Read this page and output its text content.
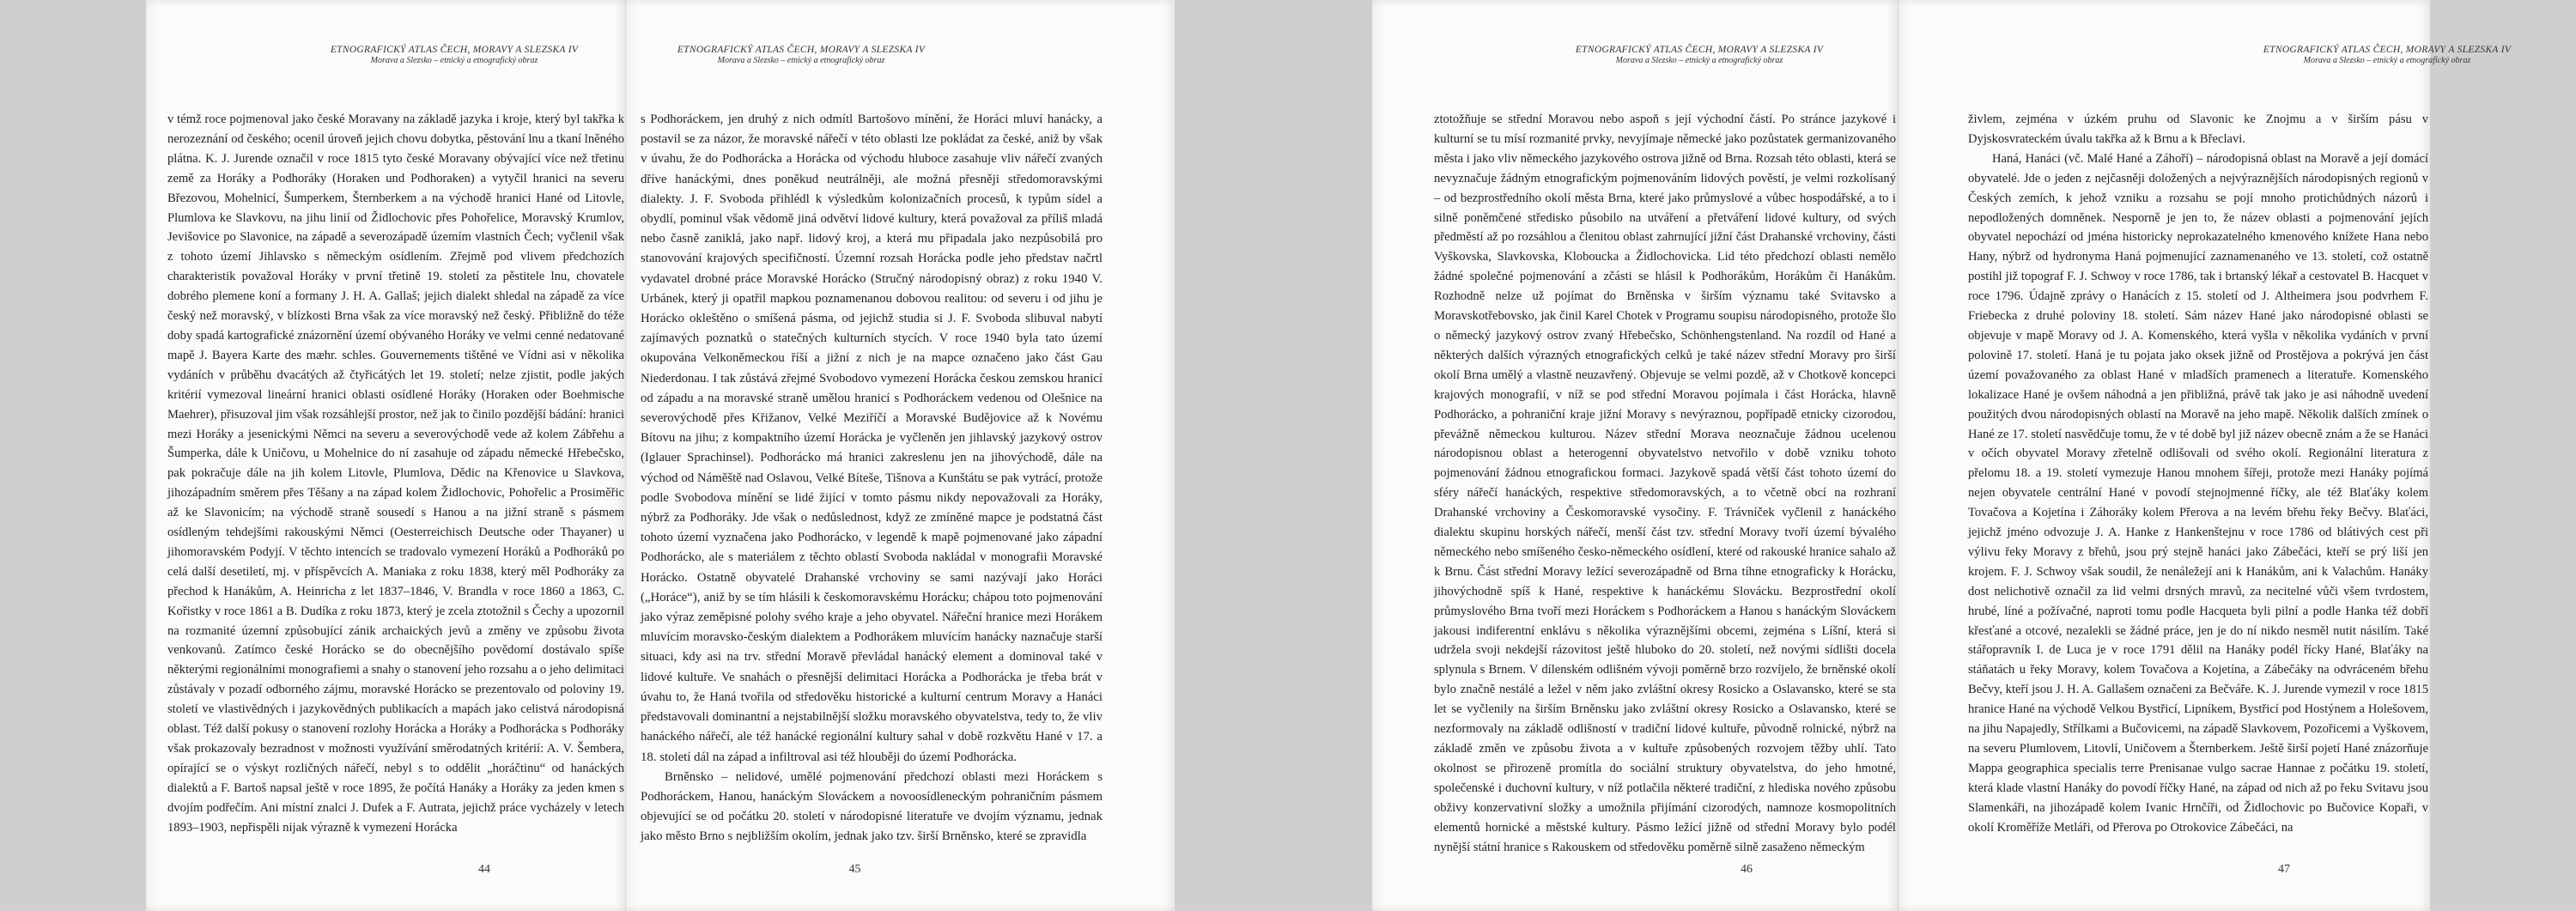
ETNOGRAFICKÝ ATLAS ČECH, MORAVY A SLEZSKA IV
Morava a Slezsko – etnický a etnografický obraz

v témž roce pojmenoval jako české Moravany na základě jazyka i kroje, který byl takřka k nerozeznání od českého; ocenil úroveň jejich chovu dobytka, pěstování lnu a tkaní lněného plátna. K. J. Jurende označil v roce 1815 tyto české Moravany obývající více než třetinu země za Horáky a Podhoráky (Horaken und Podhoraken) a vytyčil hranici na severu Březovou, Mohelnicí, Šumperkem, Šternberkem a na východě hranici Hané od Litovle, Plumlova ke Slavkovu, na jihu linií od Židlochovic přes Pohořelice, Moravský Krumlov, Jevišovice po Slavonice, na západě a severozápadě územím vlastních Čech; vyčlenil však z tohoto území Jihlavsko s německým osídlením. Zřejmě pod vlivem předchozích charakteristik považoval Horáky v první třetině 19. století za pěstitele lnu, chovatele dobrého plemene koní a formany J. H. A. Gallaš; jejich dialekt shledal na západě za více český než moravský, v blízkosti Brna však za více moravský než český. Přibližně do téže doby spadá kartografické znázornění území obývaného Horáky ve velmi cenné nedatované mapě J. Bayera Karte des mæhr. schles. Gouvernements tištěné ve Vídni asi v několika vydáních v průběhu dvacátých až čtyřicátých let 19. století; nelze zjistit, podle jakých kritérií vymezoval lineární hranici oblasti osídlené Horáky (Horaken oder Boehmische Maehrer), přisuzoval jim však rozsáhlejší prostor, než jak to činilo pozdější bádání: hranici mezi Horáky a jesenickými Němci na severu a severovýchodě vede až kolem Zábřehu a Šumperka, dále k Uničovu, u Mohelnice do ní zasahuje od západu německé Hřebečsko, pak pokračuje dále na jih kolem Litovle, Plumlova, Dědic na Křenovice u Slavkova, jihozápadním směrem přes Těšany a na západ kolem Židlochovic, Pohořelic a Prosiměřic až ke Slavonicím; na východě straně sousedí s Hanou a na jižní straně s pásmem osídleným tehdejšími rakouskými Němci (Oesterreichisch Deutsche oder Thayaner) u jihomoravském Podyjí. V těchto intencích se tradovalo vymezení Horáků a Podhoráků po celá další desetiletí, mj. v příspěvcích A. Maniaka z roku 1838, který měl Podhoráky za přechod k Hanákům, A. Heinricha z let 1837–1846, V. Brandla v roce 1860 a 1863, C. Kořistky v roce 1861 a B. Dudíka z roku 1873, který je zcela ztotožnil s Čechy a upozornil na rozmanité územní způsobující zánik archaických jevů a změny ve způsobu života venkovanů. Zatímco české Horácko se do obecnějšího povědomí dostávalo spíše některými regionálními monografiemi a snahy o stanovení jeho rozsahu a o jeho delimitaci zůstávaly v pozadí odborného zájmu, moravské Horácko se prezentovalo od poloviny 19. století ve vlastivědných i jazykovědných publikacích a mapách jako celistvá národopisná oblast. Též další pokusy o stanovení rozlohy Horácka a Horáky a Podhorácka s Podhoráky však prokazovaly bezradnost v možnosti využívání směrodatných kritérií: A. V. Šembera, opírající se o výskyt rozličných nářečí, nebyl s to oddělit „horáčtinu“ od hanáckých dialektů a F. Bartoš napsal ještě v roce 1895, že počítá Hanáky a Horáky za jeden kmen s dvojím podřečím. Ani místní znalci J. Dufek a F. Autrata, jejichž práce vycházely v letech 1893–1903, nepřispěli nijak výrazně k vymezení Horácka

44
ETNOGRAFICKÝ ATLAS ČECH, MORAVY A SLEZSKA IV
Morava a Slezsko – etnický a etnografický obraz

s Podhoráckem, jen druhý z nich odmítl Bartošovo mínění, že Horáci mluví hanácky, a postavil se za názor, že moravské nářečí v této oblasti lze pokládat za české, aniž by však v úvahu, že do Podhorácka a Horácka od východu hluboce zasahuje vliv nářečí zvaných dříve hanáckými, dnes poněkud neutrálněji, ale možná přesněji středomoravskými dialekty. J. F. Svoboda přihlédl k výsledkům kolonizačních procesů, k typům sídel a obydlí, pominul však vědomě jiná odvětví lidové kultury, která považoval za příliš mladá nebo časně zaniklá, jako např. lidový kroj, a která mu připadala jako nezpůsobilá pro stanovování krajových specifičností. Územní rozsah Horácka podle jeho představ načrtl vydavatel drobné práce Moravské Horácko (Stručný národopisný obraz) z roku 1940 V. Urbánek, který ji opatřil mapkou poznamenanou dobovou realitou: od severu i od jihu je Horácko okleštěno o smíšená pásma, od jejichž studia si J. F. Svoboda slibuval nabytí zajímavých poznatků o statečných kulturních stycích. V roce 1940 byla tato území okupována Velkoněmeckou říší a jižní z nich je na mapce označeno jako část Gau Niederdonau. I tak zůstává zřejmé Svobodovo vymezení Horácka českou zemskou hranicí od západu a na moravské straně umělou hranicí s Podhoráckem vedenou od Olešnice na severovýchodě přes Křižanov, Velké Meziříčí a Moravské Budějovice až k Novému Bítovu na jihu; z kompaktního území Horácka je vyčleněn jen jihlavský jazykový ostrov (Iglauer Sprachinsel). Podhorácko má hranici zakreslenu jen na jihovýchodě, dále na východ od Náměště nad Oslavou, Velké Bíteše, Tišnova a Kunštátu se pak vytrácí, protože podle Svobodova mínění se lidé žijící v tomto pásmu nikdy nepovažovali za Horáky, nýbrž za Podhoráky. Jde však o nedůslednost, když ze zmíněné mapce je podstatná část tohoto území vyznačena jako Podhorácko, v legendě k mapě pojmenované jako západní Podhorácko, ale s materiálem z těchto oblastí Svoboda nakládal v monografii Moravské Horácko. Ostatně obyvatelé Drahanské vrchoviny se sami nazývají jako Horáci („Horáce“), aniž by se tím hlásili k českomoravskému Horácku; chápou toto pojmenování jako výraz zeměpisné polohy svého kraje a jeho obyvatel. Nářeční hranice mezi Horákem mluvícím moravsko-českým dialektem a Podhorákem mluvícím hanácky naznačuje starší situaci, kdy asi na trv. střední Moravě převládal hanácký element a dominoval také v lidové kultuře. Ve snahách o přesnější delimitaci Horácka a Podhorácka je třeba brát v úvahu to, že Haná tvořila od středověku historické a kulturní centrum Moravy a Hanáci představovali dominantní a nejstabilnější složku moravského obyvatelstva, tedy to, že vliv hanáckého nářečí, ale též hanácké regionální kultury sahal v době rozkvětu Hané v 17. a 18. století dál na západ a infiltroval asi též hlouběji do území Podhorácka.

Brněnsko – nelidové, umělé pojmenování předchozí oblasti mezi Horáckem s Podhoráckem, Hanou, hanáckým Slováckem a novoosídleneckým pohraničním pásmem objevující se od počátku 20. století v národopisné literatuře ve dvojím významu, jednak jako město Brno s nejbližším okolím, jednak jako tzv. širší Brněnsko, které se zpravidla

45
ETNOGRAFICKÝ ATLAS ČECH, MORAVY A SLEZSKA IV
Morava a Slezsko – etnický a etnografický obraz

ztotožňuje se střední Moravou nebo aspoň s její východní částí. Po stránce jazykové i kulturní se tu mísí rozmanité prvky, nevyjímaje německé jako pozůstatek germanizovaného města i jako vliv německého jazykového ostrova jižně od Brna. Rozsah této oblasti, která se nevyznačuje žádným etnografickým pojmenováním lidových pověstí, je velmi rozkolísaný – od bezprostředního okolí města Brna, které jako průmyslové a vůbec hospodářské, a to i silně poněmčené středisko působilo na utváření a přetváření lidové kultury, od svých předměstí až po rozsáhlou a členitou oblast zahrnující jižní část Drahanské vrchoviny, části Vyškovska, Slavkovska, Kloboucka a Židlochovicka. Lid této předchozí oblasti nemělo žádné společné pojmenování a zčásti se hlásil k Podhorákům, Horákům či Hanákům. Rozhodně nelze už pojímat do Brněnska v širším významu také Svitavsko a Moravskotřebovsko, jak činil Karel Chotek v Programu soupisu národopisného, protože šlo o německý jazykový ostrov zvaný Hřebečsko, Schönhengstenland. Na rozdíl od Hané a některých dalších výrazných etnografických celků je také název střední Moravy pro širší okolí Brna umělý a vlastně neuzavřený. Objevuje se velmi pozdě, až v Chotkově koncepci krajových monografií, v níž se pod střední Moravou pojímala i část Horácka, hlavně Podhorácko, a pohraniční kraje jižní Moravy s nevýraznou, popřípadě etnicky cizorodou, převážně německou kulturou. Název střední Morava neoznačuje žádnou ucelenou národopisnou oblast a heterogenní obyvatelstvo netvořilo v době vzniku tohoto pojmenování žádnou etnografickou formaci. Jazykově spadá větší část tohoto území do sféry nářečí hanáckých, respektive středomoravských, a to včetně obcí na rozhraní Drahanské vrchoviny a Českomoravské vysočiny. F. Trávníček vyčlenil z hanáckého dialektu skupinu horských nářečí, menší část tzv. střední Moravy tvoří území bývalého německého nebo smíšeného česko-německého osídlení, které od rakouské hranice sahalo až k Brnu. Část střední Moravy ležící severozápadně od Brna tíhne etnograficky k Horácku, jihovýchodně spíš k Hané, respektive k hanáckému Slovácku. Bezprostřední okolí průmyslového Brna tvoří mezi Horáckem s Podhoráckem a Hanou s hanáckým Slováckem jakousi indiferentní enklávu s několika výraznějšími obcemi, zejména s Líšní, která si udržela svoji nekdejší rázovitost ještě hluboko do 20. století, než novými sídlišti docela splynula s Brnem. V dílenském odlišném vývoji poměrně brzo rozvíjelo, že brněnské okolí bylo značně nestálé a ležel v něm jako zvláštní okresy Rosicko a Oslavansko, které se sta let se vyčlenily na širším Brněnsku jako zvláštní okresy Rosicko a Oslavansko, které se nezformovaly na základě odlišností v tradiční lidové kultuře, původně rolnické, nýbrž na základě změn ve způsobu života a v kultuře způsobených rozvojem těžby uhlí. Tato okolnost se přirozeně promítla do sociální struktury obyvatelstva, do jeho hmotné, společenské i duchovní kultury, v níž potlačila některé tradiční, z hlediska nového způsobu obživy konzervativní složky a umožnila přijímání cizorodých, namnoze kosmopolitních elementů hornické a městské kultury. Pásmo ležící jižně od střední Moravy bylo podél nynější státní hranice s Rakouskem od středověku poměrně silně zasaženo německým

46
ETNOGRAFICKÝ ATLAS ČECH, MORAVY A SLEZSKA IV
Morava a Slezsko – etnický a etnografický obraz

živlem, zejména v úzkém pruhu od Slavonic ke Znojmu a v širším pásu v Dyjskosvrateckém úvalu takřka až k Brnu a k Břeclavi.

Haná, Hanáci (vč. Malé Hané a Záhoří) – národopisná oblast na Moravě a její domácí obyvatelé. Jde o jeden z nejčasněji doložených a nejvýraznějších národopisných regionů v Českých zemích, k jehož vzniku a rozsahu se pojí mnoho protichůdných názorů i nepodložených domněnek. Nesporně je jen to, že název oblasti a pojmenování jejích obyvatel nepochází od jména historicky neprokazatelného kmenového knížete Hana nebo Hany, nýbrž od hydronyma Haná pojmenující zaznamenaného ve 13. století, což ostatně postihl již topograf F. J. Schwoy v roce 1786, tak i brtanský lékař a cestovatel B. Hacquet v roce 1796. Údajně zprávy o Hanácích z 15. století od J. Altheimera jsou podvrhem F. Friebecka z druhé poloviny 18. století. Sám název Hané jako národopisné oblasti se objevuje v mapě Moravy od J. A. Komenského, která vyšla v několika vydáních v první polovině 17. století. Haná je tu pojata jako oksek jižně od Prostějova a pokrývá jen část území považovaného za oblast Hané v mladších pramenech a literatuře. Komenského lokalizace Hané je ovšem náhodná a jen přibližná, právě tak jako je asi náhodně uvedení použitých dvou národopisných oblastí na Moravě na jeho mapě. Několik dalších zmínek o Hané ze 17. století nasvědčuje tomu, že v té době byl již název obecně znám a že se Hanáci v očích obyvatel Moravy zřetelně odlišovali od svého okolí. Regionální literatura z přelomu 18. a 19. století vymezuje Hanou mnohem šířeji, protože mezi Hanáky pojímá nejen obyvatele centrální Hané v povodí stejnojmenné říčky, ale též Blaťáky kolem Tovačova a Kojetína i Záhoráky kolem Přerova a na levém břehu řeky Bečvy. Blaťáci, jejichž jméno odvozuje J. A. Hanke z Hankenštejnu v roce 1786 od blátivých cest při výlivu řeky Moravy z břehů, jsou prý stejně hanáci jako Zábečáci, kteří se prý liší jen krojem. F. J. Schwoy však soudil, že nenáležejí ani k Hanákům, ani k Valachům. Hanáky dost nelichotivě označil za lid velmi drsných mravů, za necitelné vůči všem tvrdostem, hrubé, líné a požívačné, naproti tomu podle Hacqueta byli pilní a podle Hanka též dobří křesťané a otcové, nezalekli se žádné práce, jen je do ní nikdo nesměl nutit násilím. Také stářopravník I. de Luca je v roce 1791 dělil na Hanáky podél řícky Hané, Blaťáky na stáňatách u řeky Moravy, kolem Tovačova a Kojetína, a Zábečáky na odvráceném břehu Bečvy, kteří jsou J. H. A. Gallašem označeni za Bečváře. K. J. Jurende vymezil v roce 1815 hranice Hané na východě Velkou Bystřicí, Lipníkem, Bystřicí pod Hostýnem a Holešovem, na jihu Napajedly, Střílkami a Bučovicemi, na západě Slavkovem, Pozořicemi a Vyškovem, na severu Plumlovem, Litovlí, Uničovem a Šternberkem. Ještě širší pojetí Hané znázorňuje Mappa geographica specialis terre Prenisanae vulgo sacrae Hannae z počátku 19. století, která klade vlastní Hanáky do povodí říčky Hané, na západ od nich až po řeku Svitavu jsou Slamenkáři, na jihozápadě kolem Ivanic Hrnčíři, od Židlochovic po Bučovice Kopaři, v okolí Kroměříže Metláři, od Přerova po Otrokovice Zábečáci, na

47
